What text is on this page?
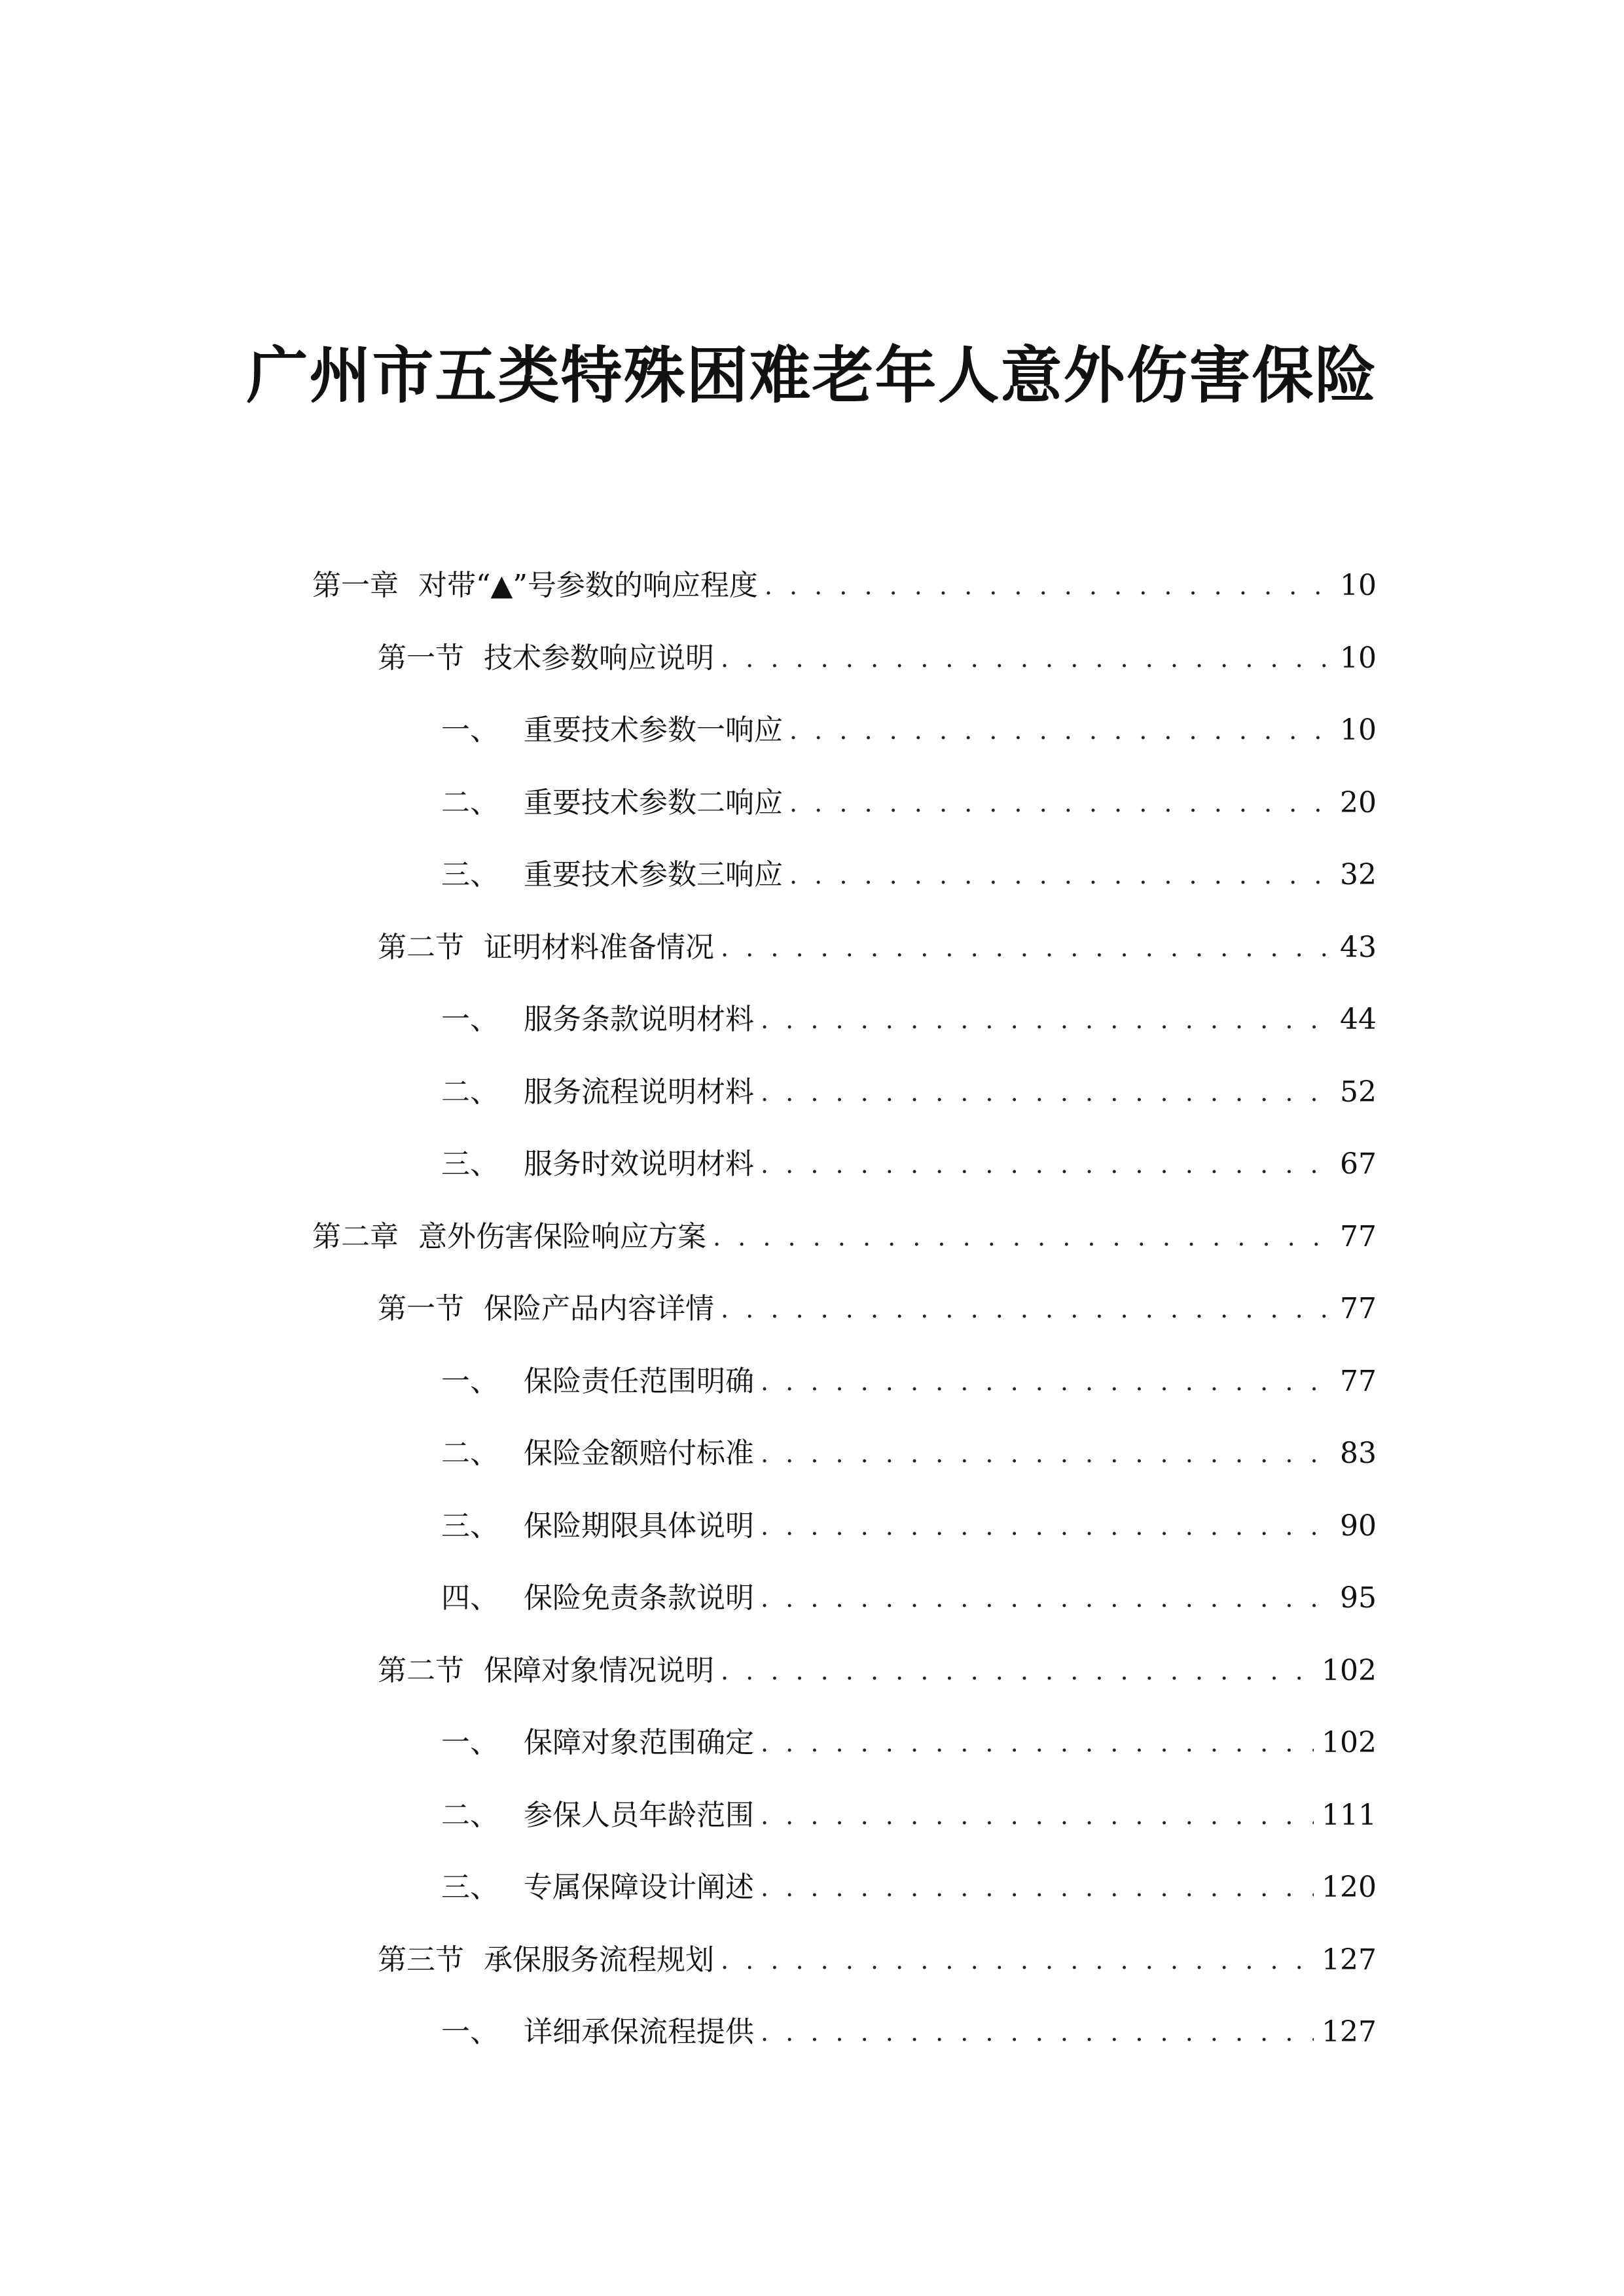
广州市五类特殊困难老年人意外伤害保险
第一章 对带“▲”号参数的响应程度 . . .	10
第一节 技术参数响应说明 . . .	10
一、 重要技术参数一响应 . . .	10
二、 重要技术参数二响应 . . .	20
三、 重要技术参数三响应 . . .	32
第二节 证明材料准备情况 . . .	43
一、 服务条款说明材料 . . .	44
二、 服务流程说明材料 . . .	52
三、 服务时效说明材料 . . .	67
第二章 意外伤害保险响应方案 . . .	77
第一节 保险产品内容详情 . . .	77
一、 保险责任范围明确 . . .	77
二、 保险金额赔付标准 . . .	83
三、 保险期限具体说明 . . .	90
四、 保险免责条款说明 . . .	95
第二节 保障对象情况说明 . . .	102
一、 保障对象范围确定 . . .	102
二、 参保人员年龄范围 . . .	111
三、 专属保障设计阐述 . . .	120
第三节 承保服务流程规划 . . .	127
一、 详细承保流程提供 . . .	127
